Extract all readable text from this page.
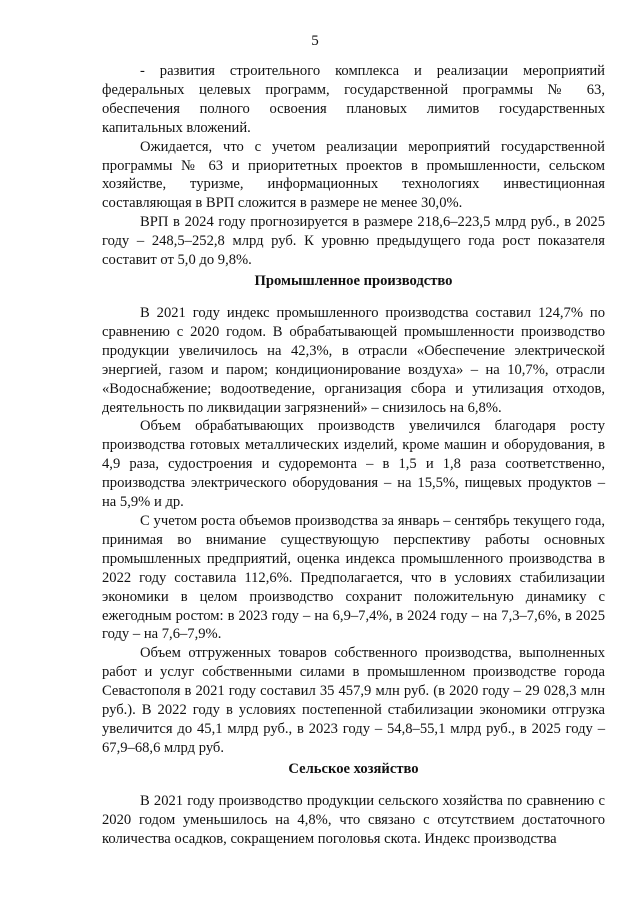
5

- развития строительного комплекса и реализации мероприятий федеральных целевых программ, государственной программы № 63, обеспечения полного освоения плановых лимитов государственных капитальных вложений.

Ожидается, что с учетом реализации мероприятий государственной программы № 63 и приоритетных проектов в промышленности, сельском хозяйстве, туризме, информационных технологиях инвестиционная составляющая в ВРП сложится в размере не менее 30,0%.

ВРП в 2024 году прогнозируется в размере 218,6–223,5 млрд руб., в 2025 году – 248,5–252,8 млрд руб. К уровню предыдущего года рост показателя составит от 5,0 до 9,8%.

Промышленное производство

В 2021 году индекс промышленного производства составил 124,7% по сравнению с 2020 годом. В обрабатывающей промышленности производство продукции увеличилось на 42,3%, в отрасли «Обеспечение электрической энергией, газом и паром; кондиционирование воздуха» – на 10,7%, отрасли «Водоснабжение; водоотведение, организация сбора и утилизация отходов, деятельность по ликвидации загрязнений» – снизилось на 6,8%.

Объем обрабатывающих производств увеличился благодаря росту производства готовых металлических изделий, кроме машин и оборудования, в 4,9 раза, судостроения и судоремонта – в 1,5 и 1,8 раза соответственно, производства электрического оборудования – на 15,5%, пищевых продуктов – на 5,9% и др.

С учетом роста объемов производства за январь – сентябрь текущего года, принимая во внимание существующую перспективу работы основных промышленных предприятий, оценка индекса промышленного производства в 2022 году составила 112,6%. Предполагается, что в условиях стабилизации экономики в целом производство сохранит положительную динамику с ежегодным ростом: в 2023 году – на 6,9–7,4%, в 2024 году – на 7,3–7,6%, в 2025 году – на 7,6–7,9%.

Объем отгруженных товаров собственного производства, выполненных работ и услуг собственными силами в промышленном производстве города Севастополя в 2021 году составил 35 457,9 млн руб. (в 2020 году – 29 028,3 млн руб.). В 2022 году в условиях постепенной стабилизации экономики отгрузка увеличится до 45,1 млрд руб., в 2023 году – 54,8–55,1 млрд руб., в 2025 году – 67,9–68,6 млрд руб.

Сельское хозяйство

В 2021 году производство продукции сельского хозяйства по сравнению с 2020 годом уменьшилось на 4,8%, что связано с отсутствием достаточного количества осадков, сокращением поголовья скота. Индекс производства
